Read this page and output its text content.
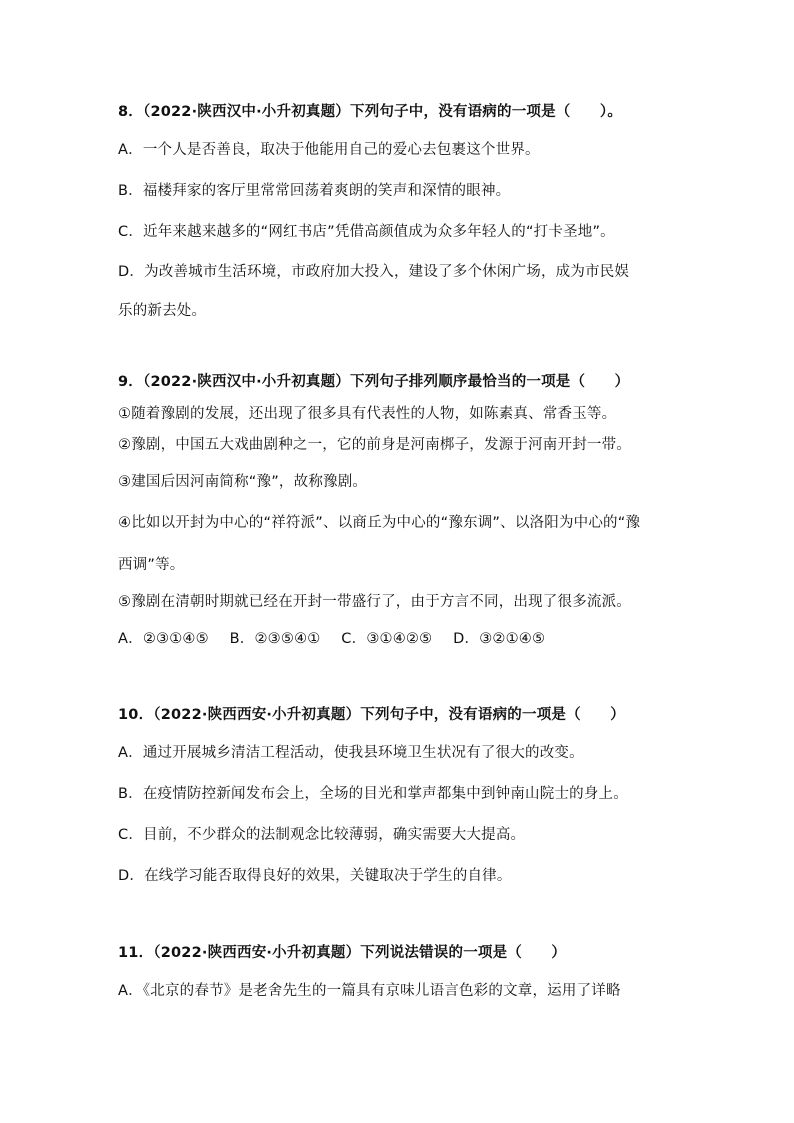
8．（2022·陕西汉中·小升初真题）下列句子中，没有语病的一项是（　　）。
A．一个人是否善良，取决于他能用自己的爱心去包裹这个世界。
B．福楼拜家的客厅里常常回荡着爽朗的笑声和深情的眼神。
C．近年来越来越多的“网红书店”凭借高颜值成为众多年轻人的“打卡圣地”。
D．为改善城市生活环境，市政府加大投入，建设了多个休闲广场，成为市民娱
乐的新去处。
9．（2022·陕西汉中·小升初真题）下列句子排列顺序最恰当的一项是（　　）
①随着豫剧的发展，还出现了很多具有代表性的人物，如陈素真、常香玉等。
②豫剧，中国五大戏曲剧种之一，它的前身是河南梆子，发源于河南开封一带。
③建国后因河南简称“豫”，故称豫剧。
④比如以开封为中心的“祥符派”、以商丘为中心的“豫东调”、以洛阳为中心的“豫
西调”等。
⑤豫剧在清朝时期就已经在开封一带盛行了，由于方言不同，出现了很多流派。
A．②③①④⑤ B．②③⑤④① C．③①④②⑤ D．③②①④⑤
10．（2022·陕西西安·小升初真题）下列句子中，没有语病的一项是（　　）
A．通过开展城乡清洁工程活动，使我县环境卫生状况有了很大的改变。
B．在疫情防控新闻发布会上，全场的目光和掌声都集中到钟南山院士的身上。
C．目前，不少群众的法制观念比较薄弱，确实需要大大提高。
D．在线学习能否取得良好的效果，关键取决于学生的自律。
11．（2022·陕西西安·小升初真题）下列说法错误的一项是（　　）
A．《北京的春节》是老舍先生的一篇具有京味儿语言色彩的文章，运用了详略
